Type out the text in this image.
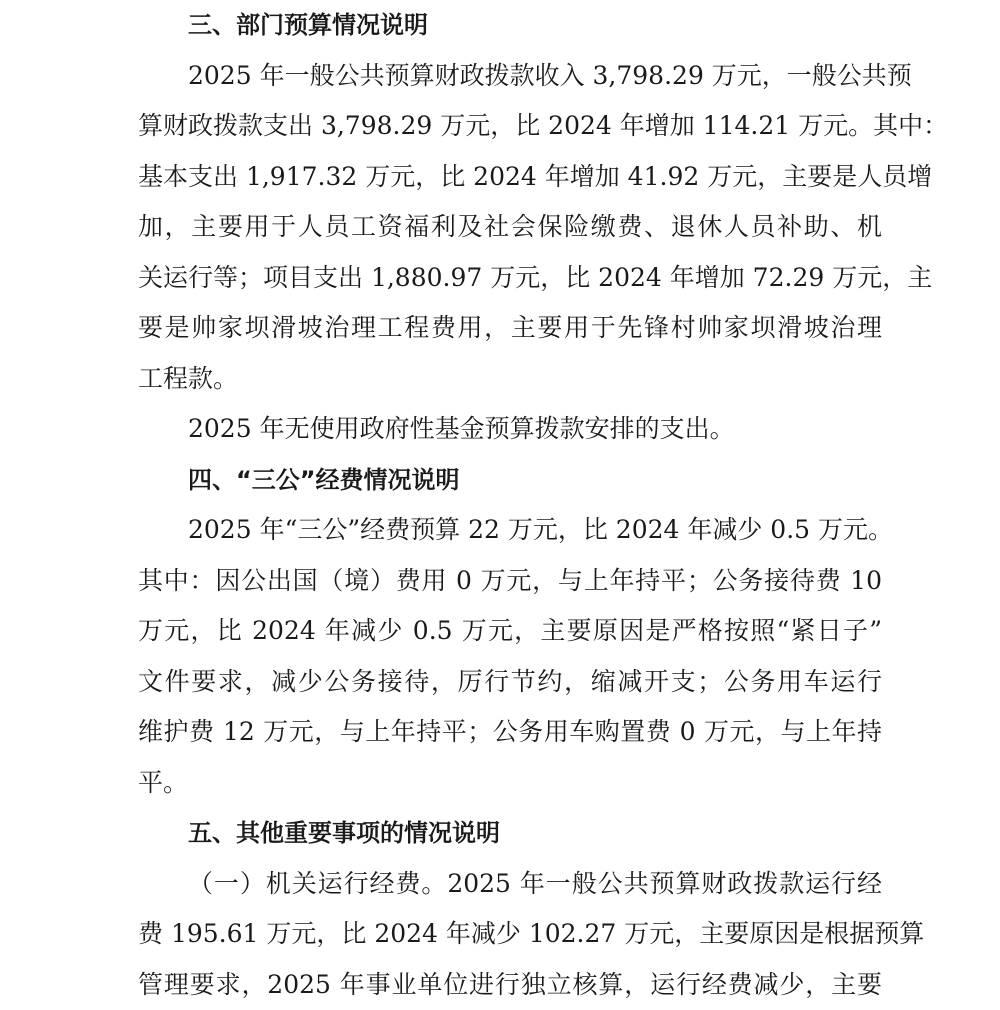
三、部门预算情况说明
2025 年一般公共预算财政拨款收入 3,798.29 万元，一般公共预
算财政拨款支出 3,798.29 万元，比 2024 年增加 114.21 万元。其中：
基本支出 1,917.32 万元，比 2024 年增加 41.92 万元，主要是人员增
加，主要用于人员工资福利及社会保险缴费、退休人员补助、机
关运行等；项目支出 1,880.97 万元，比 2024 年增加 72.29 万元，主
要是帅家坝滑坡治理工程费用，主要用于先锋村帅家坝滑坡治理
工程款。
2025 年无使用政府性基金预算拨款安排的支出。
四、“三公”经费情况说明
2025 年“三公”经费预算 22 万元，比 2024 年减少 0.5 万元。
其中：因公出国（境）费用 0 万元，与上年持平；公务接待费 10
万元，比 2024 年减少 0.5 万元，主要原因是严格按照“紧日子”
文件要求，减少公务接待，厉行节约，缩减开支；公务用车运行
维护费 12 万元，与上年持平；公务用车购置费 0 万元，与上年持
平。
五、其他重要事项的情况说明
（一）机关运行经费。2025 年一般公共预算财政拨款运行经
费 195.61 万元，比 2024 年减少 102.27 万元，主要原因是根据预算
管理要求，2025 年事业单位进行独立核算，运行经费减少，主要
